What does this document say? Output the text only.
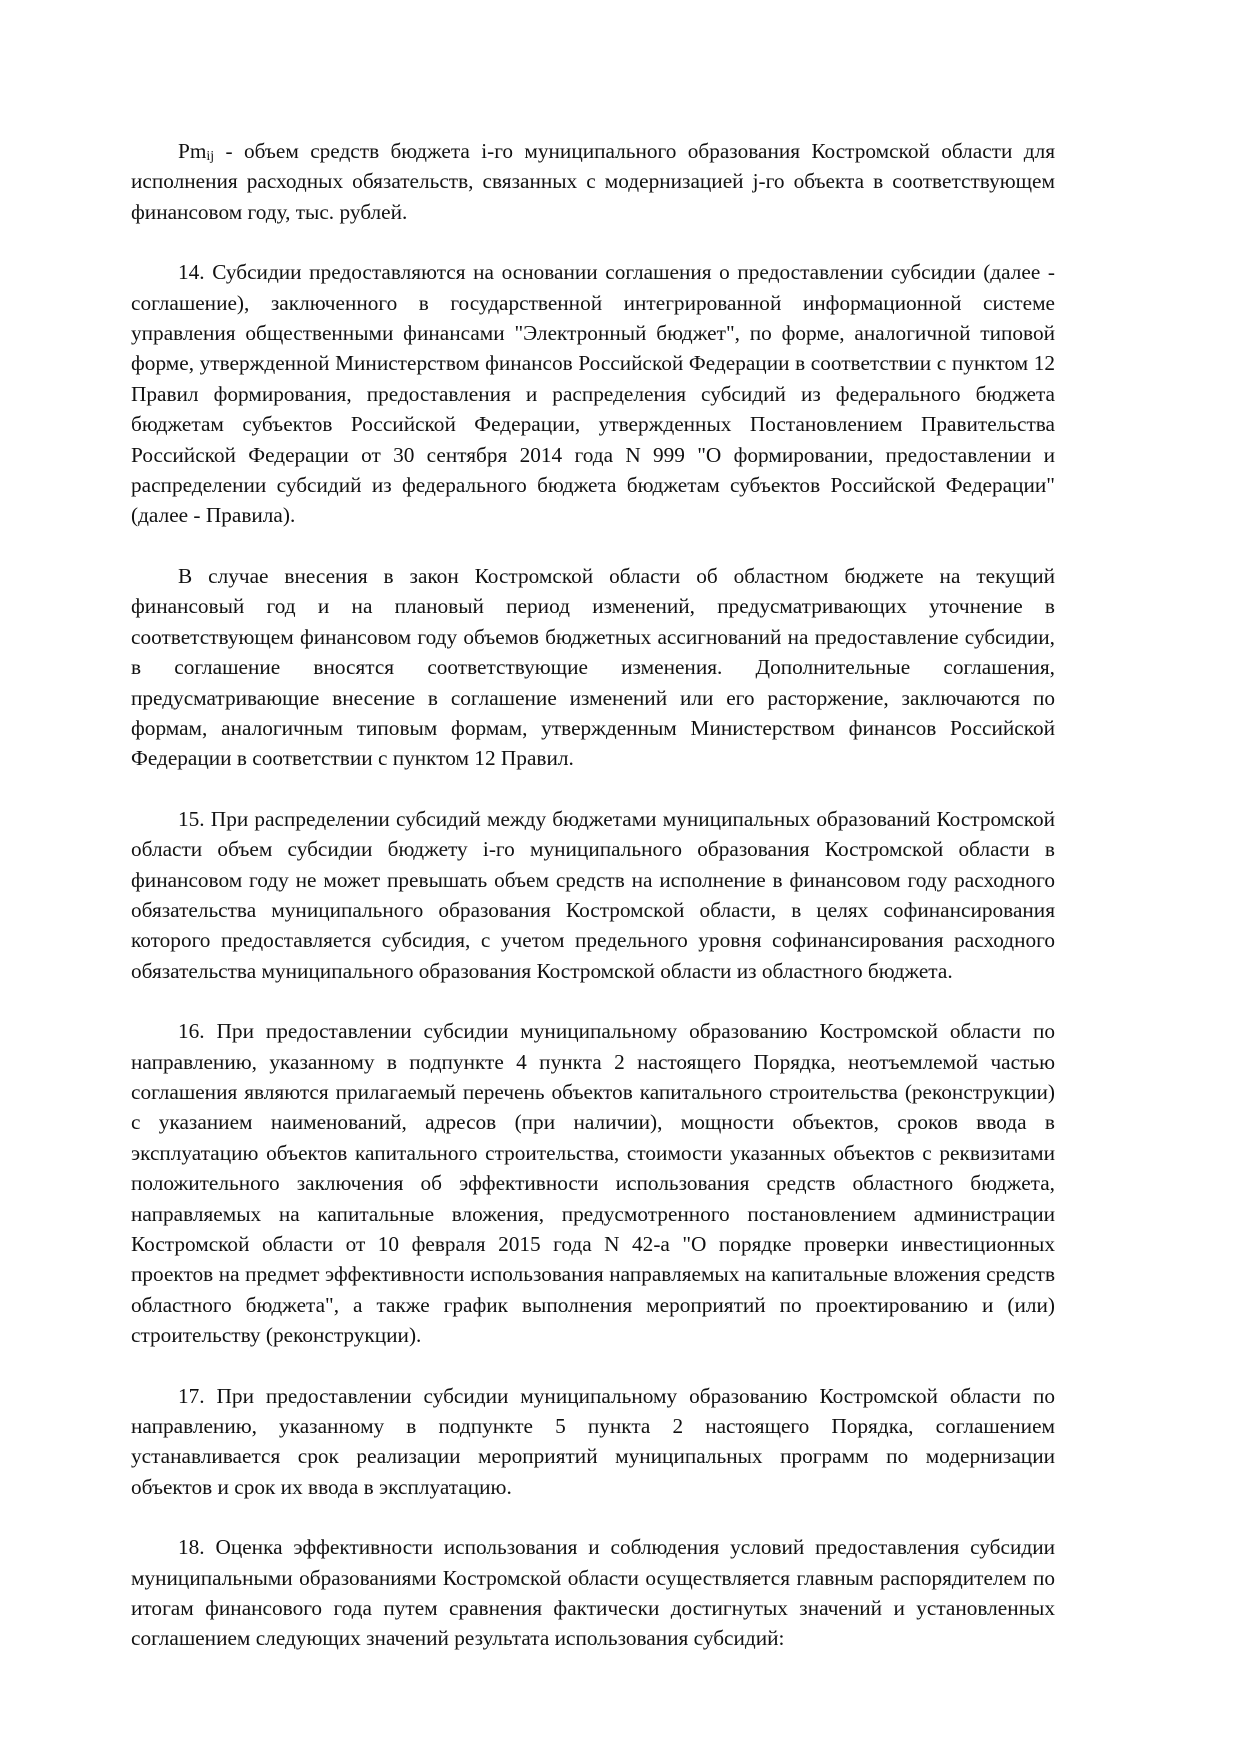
$Pm_{ij}$ - объем средств бюджета i-го муниципального образования Костромской области для исполнения расходных обязательств, связанных с модернизацией j-го объекта в соответствующем финансовом году, тыс. рублей.

14. Субсидии предоставляются на основании соглашения о предоставлении субсидии (далее - соглашение), заключенного в государственной интегрированной информационной системе управления общественными финансами "Электронный бюджет", по форме, аналогичной типовой форме, утвержденной Министерством финансов Российской Федерации в соответствии с пунктом 12 Правил формирования, предоставления и распределения субсидий из федерального бюджета бюджетам субъектов Российской Федерации, утвержденных Постановлением Правительства Российской Федерации от 30 сентября 2014 года N 999 "О формировании, предоставлении и распределении субсидий из федерального бюджета бюджетам субъектов Российской Федерации" (далее - Правила).

В случае внесения в закон Костромской области об областном бюджете на текущий финансовый год и на плановый период изменений, предусматривающих уточнение в соответствующем финансовом году объемов бюджетных ассигнований на предоставление субсидии, в соглашение вносятся соответствующие изменения. Дополнительные соглашения, предусматривающие внесение в соглашение изменений или его расторжение, заключаются по формам, аналогичным типовым формам, утвержденным Министерством финансов Российской Федерации в соответствии с пунктом 12 Правил.

15. При распределении субсидий между бюджетами муниципальных образований Костромской области объем субсидии бюджету i-го муниципального образования Костромской области в финансовом году не может превышать объем средств на исполнение в финансовом году расходного обязательства муниципального образования Костромской области, в целях софинансирования которого предоставляется субсидия, с учетом предельного уровня софинансирования расходного обязательства муниципального образования Костромской области из областного бюджета.

16. При предоставлении субсидии муниципальному образованию Костромской области по направлению, указанному в подпункте 4 пункта 2 настоящего Порядка, неотъемлемой частью соглашения являются прилагаемый перечень объектов капитального строительства (реконструкции) с указанием наименований, адресов (при наличии), мощности объектов, сроков ввода в эксплуатацию объектов капитального строительства, стоимости указанных объектов с реквизитами положительного заключения об эффективности использования средств областного бюджета, направляемых на капитальные вложения, предусмотренного постановлением администрации Костромской области от 10 февраля 2015 года N 42-а "О порядке проверки инвестиционных проектов на предмет эффективности использования направляемых на капитальные вложения средств областного бюджета", а также график выполнения мероприятий по проектированию и (или) строительству (реконструкции).

17. При предоставлении субсидии муниципальному образованию Костромской области по направлению, указанному в подпункте 5 пункта 2 настоящего Порядка, соглашением устанавливается срок реализации мероприятий муниципальных программ по модернизации объектов и срок их ввода в эксплуатацию.

18. Оценка эффективности использования и соблюдения условий предоставления субсидии муниципальными образованиями Костромской области осуществляется главным распорядителем по итогам финансового года путем сравнения фактически достигнутых значений и установленных соглашением следующих значений результата использования субсидий:
